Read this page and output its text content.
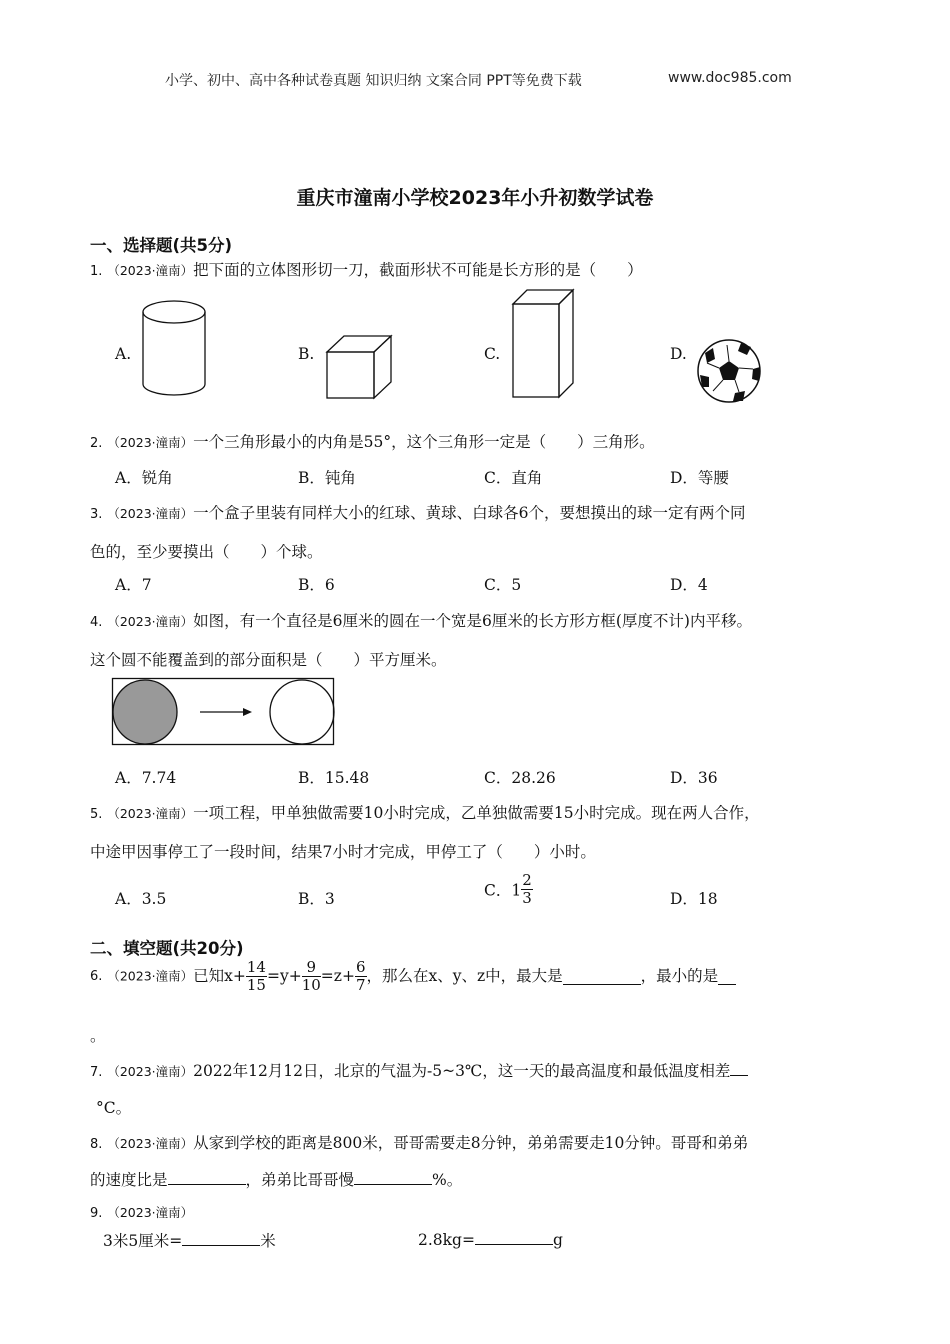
小学、初中、高中各种试卷真题 知识归纳 文案合同 PPT等免费下载	www.doc985.com
重庆市潼南小学校2023年小升初数学试卷
一、选择题(共5分)
1. （2023·潼南）把下面的立体图形切一刀，截面形状不可能是长方形的是（　　）
A.	B.	C.	D.
2. （2023·潼南）一个三角形最小的内角是55°，这个三角形一定是（　　）三角形。
A．锐角	B．钝角	C．直角	D．等腰
3. （2023·潼南）一个盒子里装有同样大小的红球、黄球、白球各6个，要想摸出的球一定有两个同
色的，至少要摸出（　　）个球。
A．7	B．6	C．5	D．4
4. （2023·潼南）如图，有一个直径是6厘米的圆在一个宽是6厘米的长方形方框(厚度不计)内平移。
这个圆不能覆盖到的部分面积是（　　）平方厘米。
A．7.74	B．15.48	C．28.26	D．36
5. （2023·潼南）一项工程，甲单独做需要10小时完成，乙单独做需要15小时完成。现在两人合作，
中途甲因事停工了一段时间，结果7小时才完成，甲停工了（　　）小时。
A．3.5	B．3	C．$1 \frac{2}{3}$	D．18
二、填空题(共20分)
6. （2023·潼南）已知$x+ \frac{14}{15} =y+ \frac{9}{10} =z+ \frac{6}{7}$ ，那么在x、y、z中，最大是	，最小的是
。
7. （2023·潼南）2022年12月12日，北京的气温为-5~3℃，这一天的最高温度和最低温度相差
°C。
8. （2023·潼南）从家到学校的距离是800米，哥哥需要走8分钟，弟弟需要走10分钟。哥哥和弟弟
的速度比是	，弟弟比哥哥慢	%。
9. （2023·潼南）
3米5厘米=	米	2.8kg=	g
